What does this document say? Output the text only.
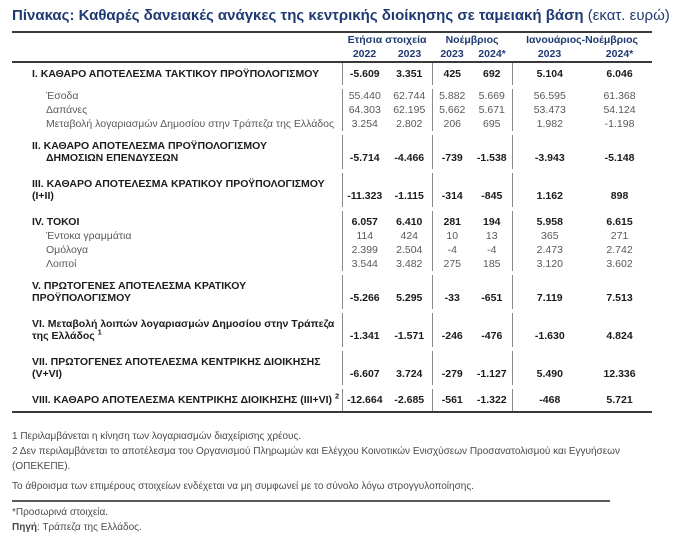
Πίνακας: Καθαρές δανειακές ανάγκες της κεντρικής διοίκησης σε ταμειακή βάση (εκατ. ευρώ)

	Ετήσια στοιχεία		Νοέμβριος		Ιανουάριος-Νοέμβριος	
	2022	2023	2023	2024*	2023	2024*
I. ΚΑΘΑΡΟ ΑΠΟΤΕΛΕΣΜΑ ΤΑΚΤΙΚΟΥ ΠΡΟΫΠΟΛΟΓΙΣΜΟΥ	-5.609	3.351	425	692	5.104	6.046

Έσοδα	55.440	62.744	5.882	5.669	56.595	61.368
Δαπάνες	64.303	62.195	5.662	5.671	53.473	54.124
Μεταβολή λογαριασμών Δημοσίου στην Τράπεζα της Ελλάδος	3.254	2.802	206	695	1.982	-1.198

II. ΚΑΘΑΡΟ ΑΠΟΤΕΛΕΣΜΑ ΠΡΟΫΠΟΛΟΓΙΣΜΟΥ
ΔΗΜΟΣΙΩΝ ΕΠΕΝΔΥΣΕΩΝ	-5.714	-4.466	-739	-1.538	-3.943	-5.148

III. ΚΑΘΑΡΟ ΑΠΟΤΕΛΕΣΜΑ ΚΡΑΤΙΚΟΥ ΠΡΟΫΠΟΛΟΓΙΣΜΟΥ (I+II)	-11.323	-1.115	-314	-845	1.162	898

IV. ΤΟΚΟΙ	6.057	6.410	281	194	5.958	6.615
Έντοκα γραμμάτια	114	424	10	13	365	271
Ομόλογα	2.399	2.504	-4	-4	2.473	2.742
Λοιποί	3.544	3.482	275	185	3.120	3.602

V. ΠΡΩΤΟΓΕΝΕΣ ΑΠΟΤΕΛΕΣΜΑ ΚΡΑΤΙΚΟΥ ΠΡΟΫΠΟΛΟΓΙΣΜΟΥ	-5.266	5.295	-33	-651	7.119	7.513

VI. Μεταβολή λοιπών λογαριασμών Δημοσίου στην Τράπεζα της Ελλάδος $^1$	-1.341	-1.571	-246	-476	-1.630	4.824

VII. ΠΡΩΤΟΓΕΝΕΣ ΑΠΟΤΕΛΕΣΜΑ ΚΕΝΤΡΙΚΗΣ ΔΙΟΙΚΗΣΗΣ (V+VI)	-6.607	3.724	-279	-1.127	5.490	12.336

VIII. ΚΑΘΑΡΟ ΑΠΟΤΕΛΕΣΜΑ ΚΕΝΤΡΙΚΗΣ ΔΙΟΙΚΗΣΗΣ (III+VI) $^2$	-12.664	-2.685	-561	-1.322	-468	5.721

1 Περιλαμβάνεται η κίνηση των λογαριασμών διαχείρισης χρέους.

2 Δεν περιλαμβάνεται το αποτέλεσμα του Οργανισμού Πληρωμών και Ελέγχου Κοινοτικών Ενισχύσεων Προσανατολισμού και Εγγυήσεων (ΟΠΕΚΕΠΕ).

Το άθροισμα των επιμέρους στοιχείων ενδέχεται να μη συμφωνεί με το σύνολο λόγω στρογγυλοποίησης.

*Προσωρινά στοιχεία.

Πηγή: Τράπεζα της Ελλάδος.
